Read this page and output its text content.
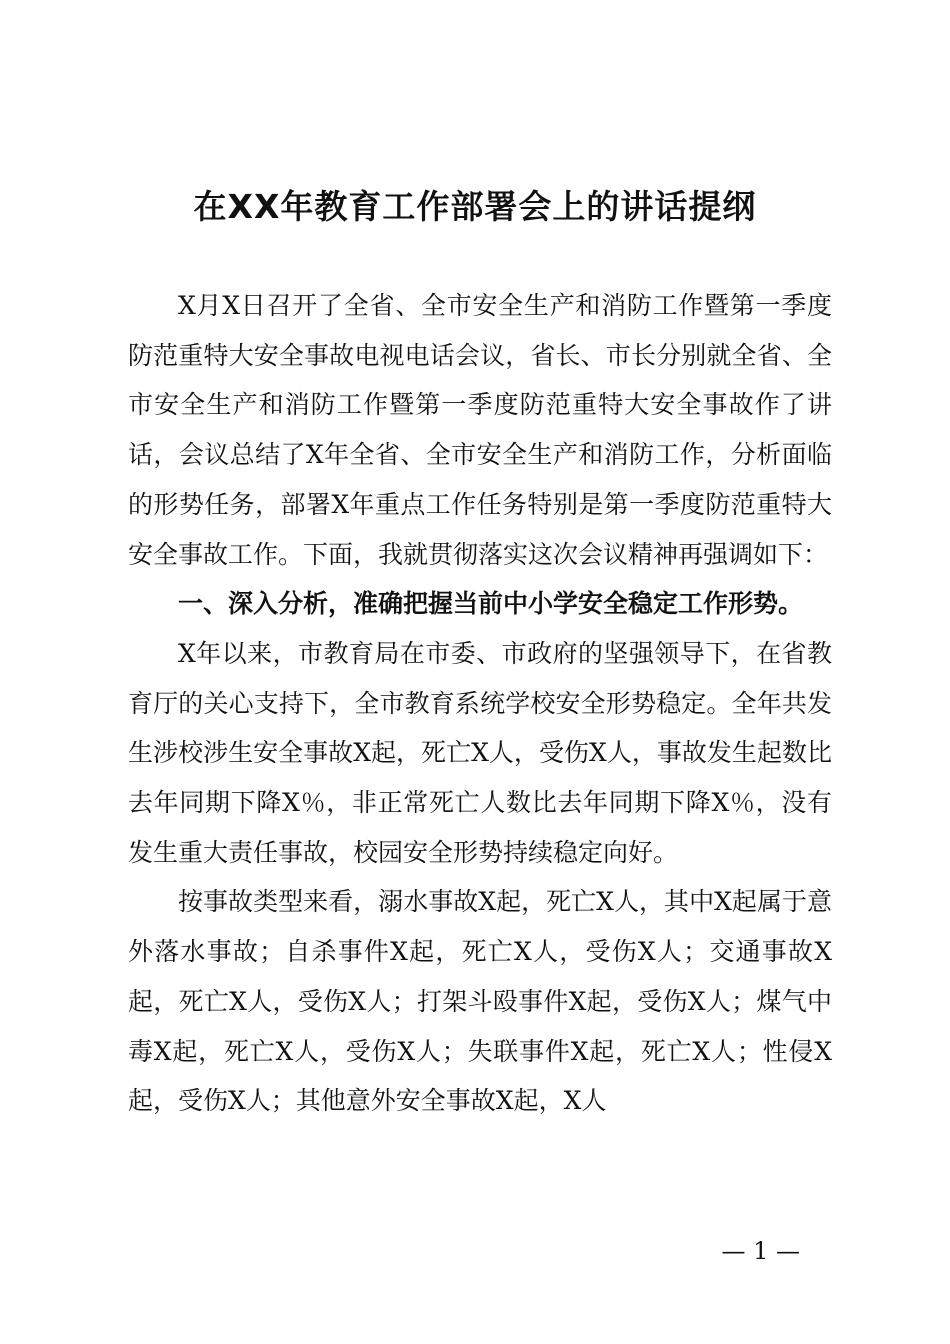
在XX年教育工作部署会上的讲话提纲

X月X日召开了全省、全市安全生产和消防工作暨第一季度防范重特大安全事故电视电话会议，省长、市长分别就全省、全市安全生产和消防工作暨第一季度防范重特大安全事故作了讲话，会议总结了X年全省、全市安全生产和消防工作，分析面临的形势任务，部署X年重点工作任务特别是第一季度防范重特大安全事故工作。下面，我就贯彻落实这次会议精神再强调如下：

一、深入分析，准确把握当前中小学安全稳定工作形势。

X年以来，市教育局在市委、市政府的坚强领导下，在省教育厅的关心支持下，全市教育系统学校安全形势稳定。全年共发生涉校涉生安全事故X起，死亡X人，受伤X人，事故发生起数比去年同期下降X％，非正常死亡人数比去年同期下降X％，没有发生重大责任事故，校园安全形势持续稳定向好。

按事故类型来看，溺水事故X起，死亡X人，其中X起属于意外落水事故；自杀事件X起，死亡X人，受伤X人；交通事故X起，死亡X人，受伤X人；打架斗殴事件X起，受伤X人；煤气中毒X起，死亡X人，受伤X人；失联事件X起，死亡X人；性侵X起，受伤X人；其他意外安全事故X起，X人

— 1 —
